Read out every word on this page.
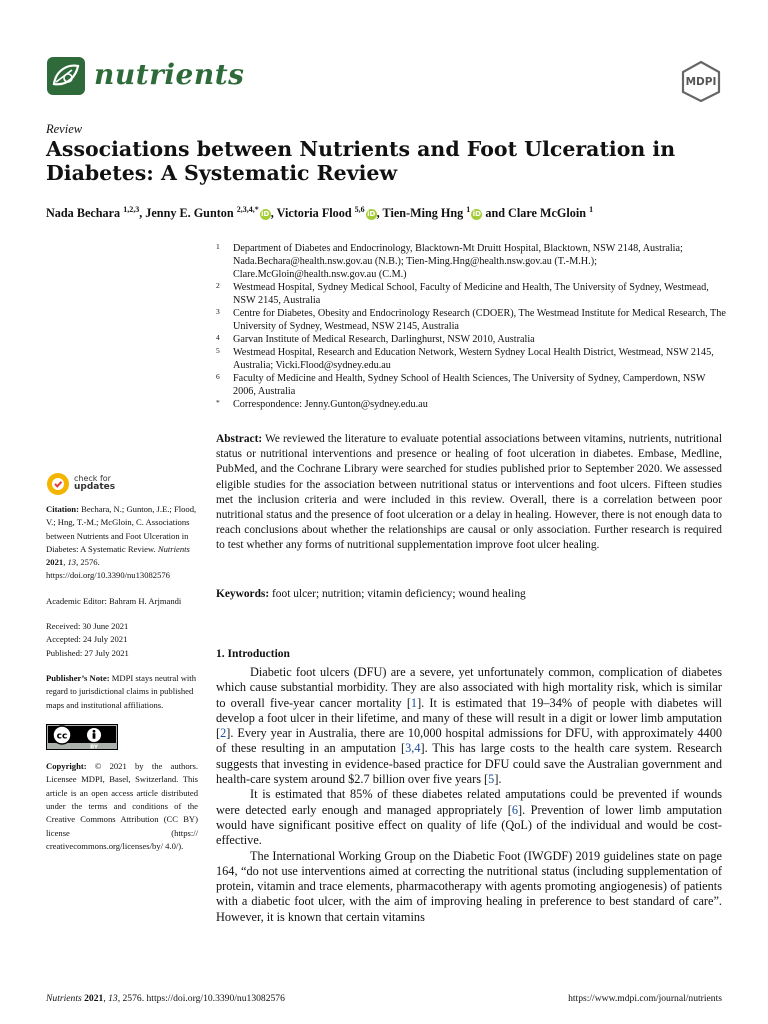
nutrients	MDPI
Review
Associations between Nutrients and Foot Ulceration in Diabetes: A Systematic Review
Nada Bechara $^{1,2,3}$, Jenny E. Gunton $^{2,3,4,*}$ iD, Victoria Flood $^{5,6}$ iD, Tien-Ming Hng $^1$ iD and Clare McGloin $^1$
1 Department of Diabetes and Endocrinology, Blacktown-Mt Druitt Hospital, Blacktown, NSW 2148, Australia; Nada.Bechara@health.nsw.gov.au (N.B.); Tien-Ming.Hng@health.nsw.gov.au (T.-M.H.); Clare.McGloin@health.nsw.gov.au (C.M.)
2 Westmead Hospital, Sydney Medical School, Faculty of Medicine and Health, The University of Sydney, Westmead, NSW 2145, Australia
3 Centre for Diabetes, Obesity and Endocrinology Research (CDOER), The Westmead Institute for Medical Research, The University of Sydney, Westmead, NSW 2145, Australia
4 Garvan Institute of Medical Research, Darlinghurst, NSW 2010, Australia
5 Westmead Hospital, Research and Education Network, Western Sydney Local Health District, Westmead, NSW 2145, Australia; Vicki.Flood@sydney.edu.au
6 Faculty of Medicine and Health, Sydney School of Health Sciences, The University of Sydney, Camperdown, NSW 2006, Australia
* Correspondence: Jenny.Gunton@sydney.edu.au

Abstract: We reviewed the literature to evaluate potential associations between vitamins, nutrients, nutritional status or nutritional interventions and presence or healing of foot ulceration in diabetes. Embase, Medline, PubMed, and the Cochrane Library were searched for studies published prior to September 2020. We assessed eligible studies for the association between nutritional status or interventions and foot ulcers. Fifteen studies met the inclusion criteria and were included in this review. Overall, there is a correlation between poor nutritional status and the presence of foot ulceration or a delay in healing. However, there is not enough data to reach conclusions about whether the relationships are causal or only association. Further research is required to test whether any forms of nutritional supplementation improve foot ulcer healing.

Keywords: foot ulcer; nutrition; vitamin deficiency; wound healing
check for
updates
Citation: Bechara, N.; Gunton, J.E.; Flood, V.; Hng, T.-M.; McGloin, C. Associations between Nutrients and Foot Ulceration in Diabetes: A Systematic Review. Nutrients 2021, 13, 2576. https://doi.org/10.3390/nu13082576
Academic Editor: Bahram H. Arjmandi
Received: 30 June 2021
Accepted: 24 July 2021
Published: 27 July 2021
Publisher’s Note: MDPI stays neutral with regard to jurisdictional claims in published maps and institutional affiliations.
cc
BY
Copyright: © 2021 by the authors. Licensee MDPI, Basel, Switzerland. This article is an open access article distributed under the terms and conditions of the Creative Commons Attribution (CC BY) license (https:// creativecommons.org/licenses/by/ 4.0/).
1. Introduction

Diabetic foot ulcers (DFU) are a severe, yet unfortunately common, complication of diabetes which cause substantial morbidity. They are also associated with high mortality risk, which is similar to overall five-year cancer mortality [1]. It is estimated that 19–34% of people with diabetes will develop a foot ulcer in their lifetime, and many of these will result in a digit or lower limb amputation [2]. Every year in Australia, there are 10,000 hospital admissions for DFU, with approximately 4400 of these resulting in an amputation [3,4]. This has large costs to the health care system. Research suggests that investing in evidence-based practice for DFU could save the Australian government and health-care system around $2.7 billion over five years [5].

It is estimated that 85% of these diabetes related amputations could be prevented if wounds were detected early enough and managed appropriately [6]. Prevention of lower limb amputation would have significant positive effect on quality of life (QoL) of the individual and would be cost-effective.

The International Working Group on the Diabetic Foot (IWGDF) 2019 guidelines state on page 164, “do not use interventions aimed at correcting the nutritional status (including supplementation of protein, vitamin and trace elements, pharmacotherapy with agents promoting angiogenesis) of patients with a diabetic foot ulcer, with the aim of improving healing in preference to best standard of care”. However, it is known that certain vitamins

Nutrients 2021, 13, 2576. https://doi.org/10.3390/nu13082576	https://www.mdpi.com/journal/nutrients
